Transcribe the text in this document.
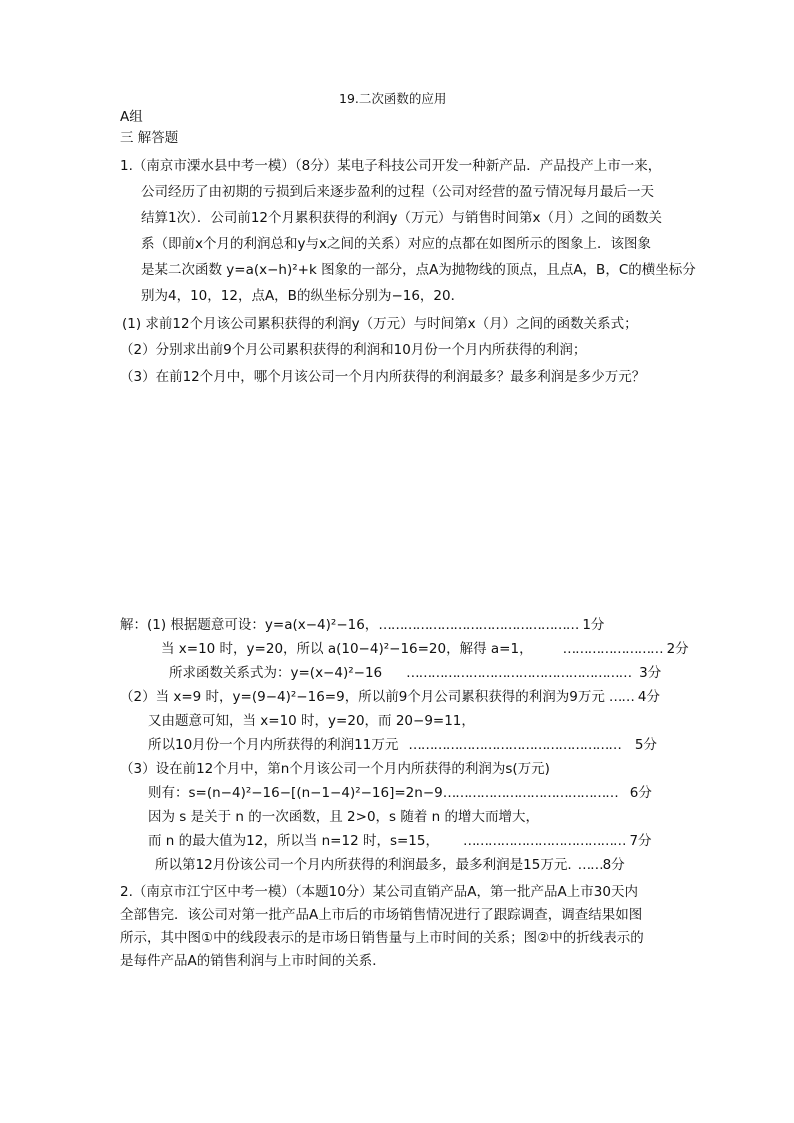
19.二次函数的应用
A组
三 解答题
1.（南京市溧水县中考一模）（8分）某电子科技公司开发一种新产品．产品投产上市一来，
公司经历了由初期的亏损到后来逐步盈利的过程（公司对经营的盈亏情况每月最后一天
结算1次）．公司前12个月累积获得的利润y（万元）与销售时间第x（月）之间的函数关
系（即前x个月的利润总和y与x之间的关系）对应的点都在如图所示的图象上．该图象
是某二次函数 y=a(x−h)²+k 图象的一部分，点A为抛物线的顶点，且点A，B，C的横坐标分
别为4，10，12，点A，B的纵坐标分别为−16，20．
(1) 求前12个月该公司累积获得的利润y（万元）与时间第x（月）之间的函数关系式；
（2）分别求出前9个月公司累积获得的利润和10月份一个月内所获得的利润；
（3）在前12个月中，哪个月该公司一个月内所获得的利润最多？最多利润是多少万元？
解：(1) 根据题意可设：y=a(x−4)²−16，………………………………………… 1分
当 x=10 时，y=20，所以 a(10−4)²−16=20，解得 a=1， …………………… 2分
所求函数关系式为：y=(x−4)²−16 ……………………………………………… 3分
（2）当 x=9 时，y=(9−4)²−16=9，所以前9个月公司累积获得的利润为9万元 …… 4分
又由题意可知，当 x=10 时，y=20，而 20−9=11，
所以10月份一个月内所获得的利润11万元 …………………………………………… 5分
（3）设在前12个月中，第n个月该公司一个月内所获得的利润为s(万元)
则有：s=(n−4)²−16−[(n−1−4)²−16]=2n−9…………………………………… 6分
因为 s 是关于 n 的一次函数，且 2>0，s 随着 n 的增大而增大，
而 n 的最大值为12，所以当 n=12 时，s=15， ………………………………… 7分
所以第12月份该公司一个月内所获得的利润最多，最多利润是15万元. ……8分
2.（南京市江宁区中考一模）（本题10分）某公司直销产品A，第一批产品A上市30天内
全部售完．该公司对第一批产品A上市后的市场销售情况进行了跟踪调查，调查结果如图
所示，其中图①中的线段表示的是市场日销售量与上市时间的关系；图②中的折线表示的
是每件产品A的销售利润与上市时间的关系．
